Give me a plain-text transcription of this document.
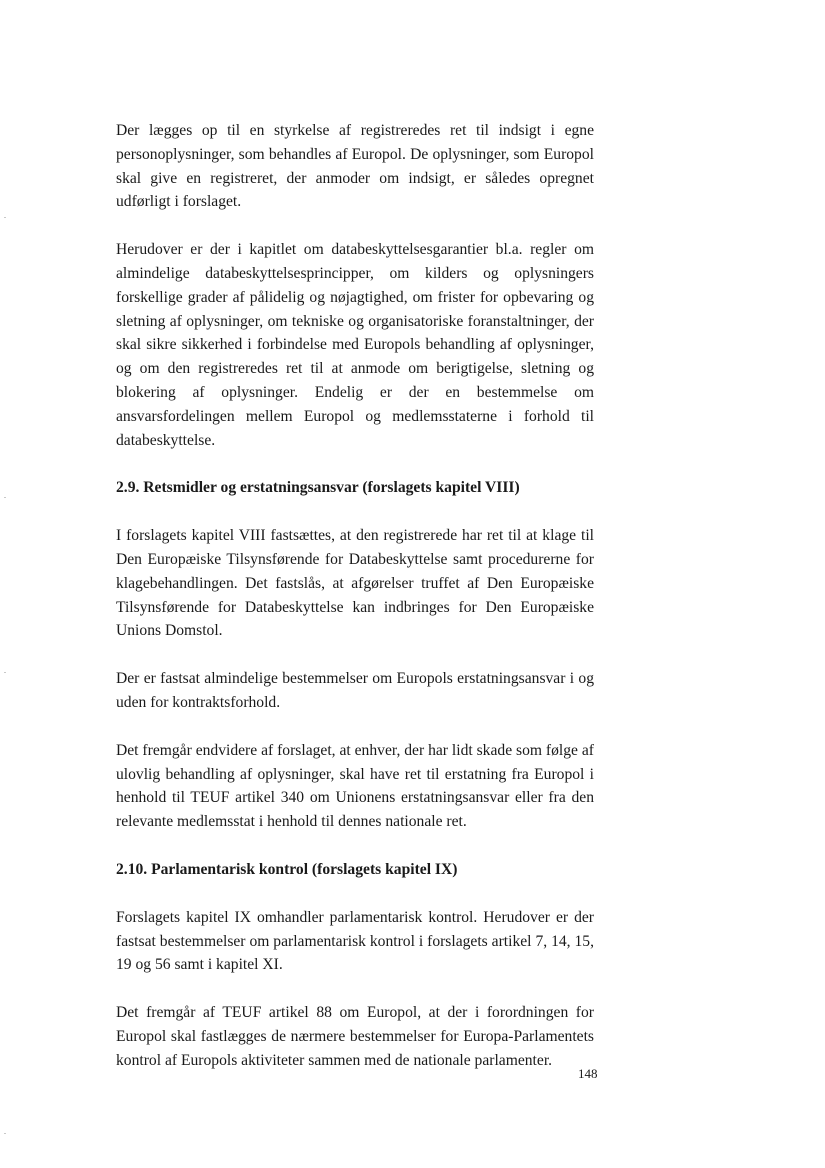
Der lægges op til en styrkelse af registreredes ret til indsigt i egne personoplysninger, som behandles af Europol. De oplysninger, som Europol skal give en registreret, der anmoder om indsigt, er således opregnet udførligt i forslaget.

Herudover er der i kapitlet om databeskyttelsesgarantier bl.a. regler om almindelige databeskyttelsesprincipper, om kilders og oplysningers forskellige grader af pålidelig og nøjagtighed, om frister for opbevaring og sletning af oplysninger, om tekniske og organisatoriske foranstaltninger, der skal sikre sikkerhed i forbindelse med Europols behandling af oplysninger, og om den registreredes ret til at anmode om berigtigelse, sletning og blokering af oplysninger. Endelig er der en bestemmelse om ansvarsfordelingen mellem Europol og medlemsstaterne i forhold til databeskyttelse.

2.9. Retsmidler og erstatningsansvar (forslagets kapitel VIII)

I forslagets kapitel VIII fastsættes, at den registrerede har ret til at klage til Den Europæiske Tilsynsførende for Databeskyttelse samt procedurerne for klagebehandlingen. Det fastslås, at afgørelser truffet af Den Europæiske Tilsynsførende for Databeskyttelse kan indbringes for Den Europæiske Unions Domstol.

Der er fastsat almindelige bestemmelser om Europols erstatningsansvar i og uden for kontraktsforhold.

Det fremgår endvidere af forslaget, at enhver, der har lidt skade som følge af ulovlig behandling af oplysninger, skal have ret til erstatning fra Europol i henhold til TEUF artikel 340 om Unionens erstatningsansvar eller fra den relevante medlemsstat i henhold til dennes nationale ret.

2.10. Parlamentarisk kontrol (forslagets kapitel IX)

Forslagets kapitel IX omhandler parlamentarisk kontrol. Herudover er der fastsat bestemmelser om parlamentarisk kontrol i forslagets artikel 7, 14, 15, 19 og 56 samt i kapitel XI.

Det fremgår af TEUF artikel 88 om Europol, at der i forordningen for Europol skal fastlægges de nærmere bestemmelser for Europa-Parlamentets kontrol af Europols aktiviteter sammen med de nationale parlamenter.

148
